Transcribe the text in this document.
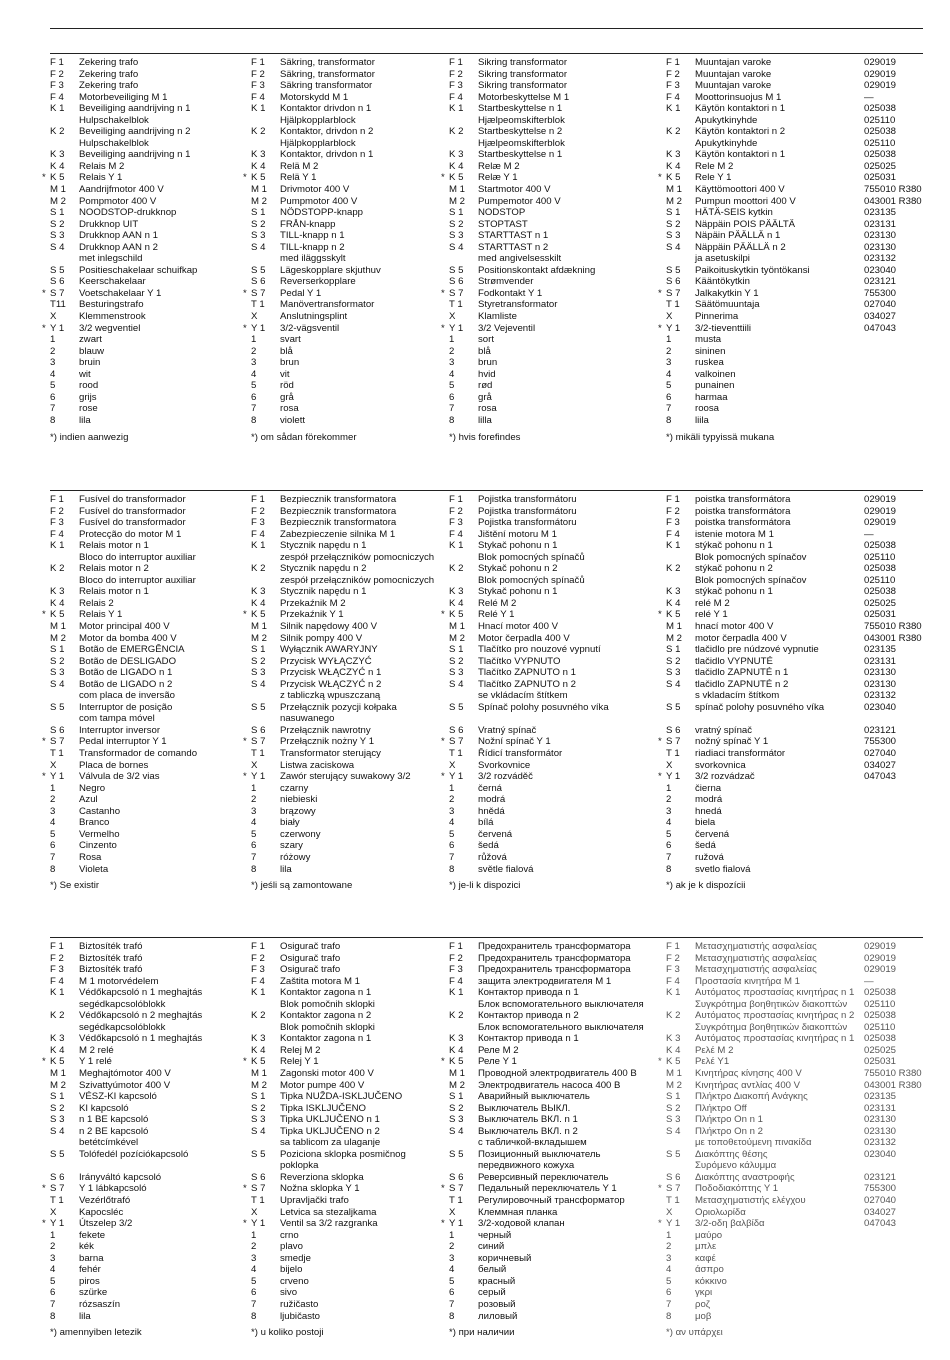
F 1 Zekering trafo
F 2 Zekering trafo
F 3 Zekering trafo
F 4 Motorbeveiliging M 1
K 1 Beveiliging aandrijving n 1
Hulpschakelblok
K 2 Beveiliging aandrijving n 2
Hulpschakelblok
K 3 Beveiliging aandrijving n 1
K 4 Relais M 2
* K 5 Relais Y 1
M 1 Aandrijfmotor 400 V
M 2 Pompmotor 400 V
S 1 NOODSTOP-drukknop
S 2 Drukknop UIT
S 3 Drukknop AAN n 1
S 4 Drukknop AAN n 2
met inlegschild
S 5 Positieschakelaar schuifkap
S 6 Keerschakelaar
* S 7 Voetschakelaar Y 1
T11 Besturingstrafo
X Klemmenstrook
* Y 1 3/2 wegventiel
1 zwart
2 blauw
3 bruin
4 wit
5 rood
6 grijs
7 rose
8 lila
*) indien aanwezig
F 1 Säkring, transformator
F 2 Säkring, transformator
F 3 Säkring transformator
F 4 Motorskydd M 1
K 1 Kontaktor drivdon n 1
Hjälpkopplarblock
K 2 Kontaktor, drivdon n 2
Hjälpkopplarblock
K 3 Kontaktor, drivdon n 1
K 4 Relä M 2
* K 5 Relä Y 1
M 1 Drivmotor 400 V
M 2 Pumpmotor 400 V
S 1 NÖDSTOPP-knapp
S 2 FRÅN-knapp
S 3 TILL-knapp n 1
S 4 TILL-knapp n 2
med iläggsskylt
S 5 Lägeskopplare skjuthuv
S 6 Reverserkopplare
* S 7 Pedal Y 1
T 1 Manövertransformator
X Anslutningsplint
* Y 1 3/2-vägsventil
1 svart
2 blå
3 brun
4 vit
5 röd
6 grå
7 rosa
8 violett
*) om sådan förekommer
F 1 Sikring transformator
F 2 Sikring transformator
F 3 Sikring transformator
F 4 Motorbeskyttelse M 1
K 1 Startbeskyttelse n 1
Hjælpeomskifterblok
K 2 Startbeskyttelse n 2
Hjælpeomskifterblok
K 3 Startbeskyttelse n 1
K 4 Relæ M 2
* K 5 Relæ Y 1
M 1 Startmotor 400 V
M 2 Pumpemotor 400 V
S 1 NODSTOP
S 2 STOPTAST
S 3 STARTTAST n 1
S 4 STARTTAST n 2
med angivelsesskilt
S 5 Positionskontakt afdækning
S 6 Strømvender
* S 7 Fodkontakt Y 1
T 1 Styretransformator
X Klamliste
* Y 1 3/2 Vejeventil
1 sort
2 blå
3 brun
4 hvid
5 rød
6 grå
7 rosa
8 lilla
*) hvis forefindes
F 1 Muuntajan varoke	029019
F 2 Muuntajan varoke	029019
F 3 Muuntajan varoke	029019
F 4 Moottorinsuojus M 1	—
K 1 Käytön kontaktori n 1	025038
Apukytkinyhde	025110
K 2 Käytön kontaktori n 2	025038
Apukytkinyhde	025110
K 3 Käytön kontaktori n 1	025038
K 4 Rele M 2	025025
* K 5 Rele Y 1	025031
M 1 Käyttömoottori 400 V	755010 R380
M 2 Pumpun moottori 400 V	043001 R380
S 1 HÄTÄ-SEIS kytkin	023135
S 2 Näppäin POIS PÄÄLTÄ	023131
S 3 Näpäin PÄÄLLÄ n 1	023130
S 4 Näppäin PÄÄLLÄ n 2	023130
ja asetuskilpi	023132
S 5 Paikoituskytkin työntökansi	023040
S 6 Kääntökytkin	023121
* S 7 Jalkakytkin Y 1	755300
T 1 Säätömuuntaja	027040
X Pinnerima	034027
* Y 1 3/2-tieventtiili	047043
1 musta
2 sininen
3 ruskea
4 valkoinen
5 punainen
6 harmaa
7 roosa
8 liila
*) mikäli typyissä mukana
F 1 Fusível do transformador
F 2 Fusível do transformador
F 3 Fusível do transformador
F 4 Protecção do motor M 1
K 1 Relais motor n 1
Bloco do interruptor auxiliar
K 2 Relais motor n 2
Bloco do interruptor auxiliar
K 3 Relais motor n 1
K 4 Relais 2
* K 5 Relais Y 1
M 1 Motor principal 400 V
M 2 Motor da bomba 400 V
S 1 Botão de EMERGÊNCIA
S 2 Botão de DESLIGADO
S 3 Botão de LIGADO n 1
S 4 Botão de LIGADO n 2
com placa de inversão
S 5 Interruptor de posição
com tampa móvel
S 6 Interruptor inversor
* S 7 Pedal interruptor Y 1
T 1 Transformador de comando
X Placa de bornes
* Y 1 Válvula de 3/2 vias
1 Negro
2 Azul
3 Castanho
4 Branco
5 Vermelho
6 Cinzento
7 Rosa
8 Violeta
*) Se existir
F 1 Bezpiecznik transformatora
F 2 Bezpiecznik transformatora
F 3 Bezpiecznik transformatora
F 4 Zabezpieczenie silnika M 1
K 1 Stycznik napędu n 1
zespół przełączników pomocniczych
K 2 Stycznik napędu n 2
zespół przełączników pomocniczych
K 3 Stycznik napędu n 1
K 4 Przekaźnik M 2
* K 5 Przekaźnik Y 1
M 1 Silnik napędowy 400 V
M 2 Silnik pompy 400 V
S 1 Wyłącznik AWARYJNY
S 2 Przycisk WYŁĄCZYĆ
S 3 Przycisk WŁĄCZYĆ n 1
S 4 Przycisk WŁĄCZYĆ n 2
z tabliczką wpuszczaną
S 5 Przełącznik pozycji kołpaka
nasuwanego
S 6 Przełącznik nawrotny
* S 7 Przełącznik nożny Y 1
T 1 Transformator sterujący
X Listwa zaciskowa
* Y 1 Zawór sterujący suwakowy 3/2
1 czarny
2 niebieski
3 brązowy
4 biały
5 czerwony
6 szary
7 różowy
8 lila
*) jeśli są zamontowane
F 1 Pojistka transformátoru
F 2 Pojistka transformátoru
F 3 Pojistka transformátoru
F 4 Jištění motoru M 1
K 1 Stykač pohonu n 1
Blok pomocných spínačů
K 2 Stykač pohonu n 2
Blok pomocných spínačů
K 3 Stykač pohonu n 1
K 4 Relé M 2
* K 5 Relé Y 1
M 1 Hnací motor 400 V
M 2 Motor čerpadla 400 V
S 1 Tlačítko pro nouzové vypnutí
S 2 Tlačítko VYPNUTO
S 3 Tlačítko ZAPNUTO n 1
S 4 Tlačítko ZAPNUTO n 2
se vkládacím štítkem
S 5 Spínač polohy posuvného víka
S 6 Vratný spínač
* S 7 Nožní spínač Y 1
T 1 Řídicí transformátor
X Svorkovnice
* Y 1 3/2 rozváděč
1 černá
2 modrá
3 hnědá
4 bílá
5 červená
6 šedá
7 růžová
8 světle fialová
*) je-li k dispozici
F 1 poistka transformátora	029019
F 2 poistka transformátora	029019
F 3 poistka transformátora	029019
F 4 istenie motora M 1	—
K 1 stýkač pohonu n 1	025038
Blok pomocných spínačov	025110
K 2 stýkač pohonu n 2	025038
Blok pomocných spínačov	025110
K 3 stýkač pohonu n 1	025038
K 4 relé M 2	025025
* K 5 relé Y 1	025031
M 1 hnací motor 400 V	755010 R380
M 2 motor čerpadla 400 V	043001 R380
S 1 tlačidlo pre núdzové vypnutie	023135
S 2 tlačidlo VYPNUTÉ	023131
S 3 tlačidlo ZAPNUTÉ n 1	023130
S 4 tlačidlo ZAPNUTÉ n 2	023130
s vkladacím štítkom	023132
S 5 spínač polohy posuvného víka	023040
S 6 vratný spínač	023121
* S 7 nožný spínač Y 1	755300
T 1 riadiaci transformátor	027040
X svorkovnica	034027
* Y 1 3/2 rozvádzač	047043
1 čierna
2 modrá
3 hnedá
4 biela
5 červená
6 šedá
7 ružová
8 svetlo fialová
*) ak je k dispozícii
F 1 Biztosíték trafó
F 2 Biztosíték trafó
F 3 Biztosíték trafó
F 4 M 1 motorvédelem
K 1 Védőkapcsoló n 1 meghajtás
segédkapcsolóblokk
K 2 Védőkapcsoló n 2 meghajtás
segédkapcsolóblokk
K 3 Védőkapcsoló n 1 meghajtás
K 4 M 2 relé
* K 5 Y 1 relé
M 1 Meghajtómotor 400 V
M 2 Szivattyúmotor 400 V
S 1 VÉSZ-KI kapcsoló
S 2 KI kapcsoló
S 3 n 1 BE kapcsoló
S 4 n 2 BE kapcsoló
betétcímkével
S 5 Tolófedél pozíciókapcsoló
S 6 Irányváltó kapcsoló
* S 7 Y 1 lábkapcsoló
T 1 Vezérlőtrafó
X Kapocsléc
* Y 1 Útszelep 3/2
1 fekete
2 kék
3 barna
4 fehér
5 piros
6 szürke
7 rózsaszín
8 lila
*) amennyiben letezik
F 1 Osigurač trafo
F 2 Osigurač trafo
F 3 Osigurač trafo
F 4 Zaštita motora M 1
K 1 Kontaktor zagona n 1
Blok pomočnih sklopki
K 2 Kontaktor zagona n 2
Blok pomočnih sklopki
K 3 Kontaktor zagona n 1
K 4 Relej M 2
* K 5 Relej Y 1
M 1 Zagonski motor 400 V
M 2 Motor pumpe 400 V
S 1 Tipka NUŽDA-ISKLJUČENO
S 2 Tipka ISKLJUČENO
S 3 Tipka UKLJUČENO n 1
S 4 Tipka UKLJUČENO n 2
sa tablicom za ulaganje
S 5 Poziciona sklopka posmičnog
poklopka
S 6 Reverziona sklopka
* S 7 Nožna sklopka Y 1
T 1 Upravljački trafo
X Letvica sa stezaljkama
* Y 1 Ventil sa 3/2 razgranka
1 crno
2 plavo
3 smedje
4 bijelo
5 crveno
6 sivo
7 ružičasto
8 ljubičasto
*) u koliko postoji
F 1 Предохранитель трансформатора
F 2 Предохранитель трансформатора
F 3 Предохранитель трансформатора
F 4 защита электродвигателя M 1
K 1 Контактор привода n 1
Блок вспомогательного выключателя
K 2 Контактор привода n 2
Блок вспомогательного выключателя
K 3 Контактор привода n 1
K 4 Реле M 2
* K 5 Реле Y 1
M 1 Проводной электродвигатель 400 В
M 2 Электродвигатель насоса 400 В
S 1 Аварийный выключатель
S 2 Выключатель ВЫКЛ.
S 3 Выключатель ВКЛ. n 1
S 4 Выключатель ВКЛ. n 2
с табличкой-вкладышем
S 5 Позиционный выключатель
передвижного кожуха
S 6 Реверсивный переключатель
* S 7 Педальный переключатель Y 1
T 1 Регулировочный трансформатор
X Клеммная планка
* Y 1 3/2-ходовой клапан
1 черный
2 синий
3 коричневый
4 белый
5 красный
6 серый
7 розовый
8 лиловый
*) при наличии
F 1 Μετασχηματιστής ασφαλείας	029019
F 2 Μετασχηματιστής ασφαλείας	029019
F 3 Μετασχηματιστής ασφαλείας	029019
F 4 Προστασία κινητήρα M 1	—
K 1 Αυτόματος προστασίας κινητήρας n 1 025038
Συγκρότημα βοηθητικών διακοπτών 025110
K 2 Αυτόματος προστασίας κινητήρας n 2 025038
Συγκρότημα βοηθητικών διακοπτών 025110
K 3 Αυτόματος προστασίας κινητήρας n 1 025038
K 4 Ρελέ M 2	025025
* K 5 Ρελέ Y1	025031
M 1 Κινητήρας κίνησης 400 V	755010 R380
M 2 Κινητήρας αντλίας 400 V	043001 R380
S 1 Πλήκτρο Διακοπή Ανάγκης	023135
S 2 Πλήκτρο Off	023131
S 3 Πλήκτρο On n 1	023130
S 4 Πλήκτρο On n 2	023130
με τοποθετούμενη πινακίδα	023132
S 5 Διακόπτης θέσης	023040
Συρόμενο κάλυμμα
S 6 Διακόπτης αναστροφής	023121
* S 7 Ποδοδιακόπτης Y 1	755300
T 1 Μετασχηματιστής ελέγχου	027040
X Οριολωρίδα	034027
* Y 1 3/2-οδη βαλβίδα	047043
1 μαύρο
2 μπλε
3 καφέ
4 άσπρο
5 κόκκινο
6 γκρι
7 ροζ
8 μοβ
*) αν υπάρχει
